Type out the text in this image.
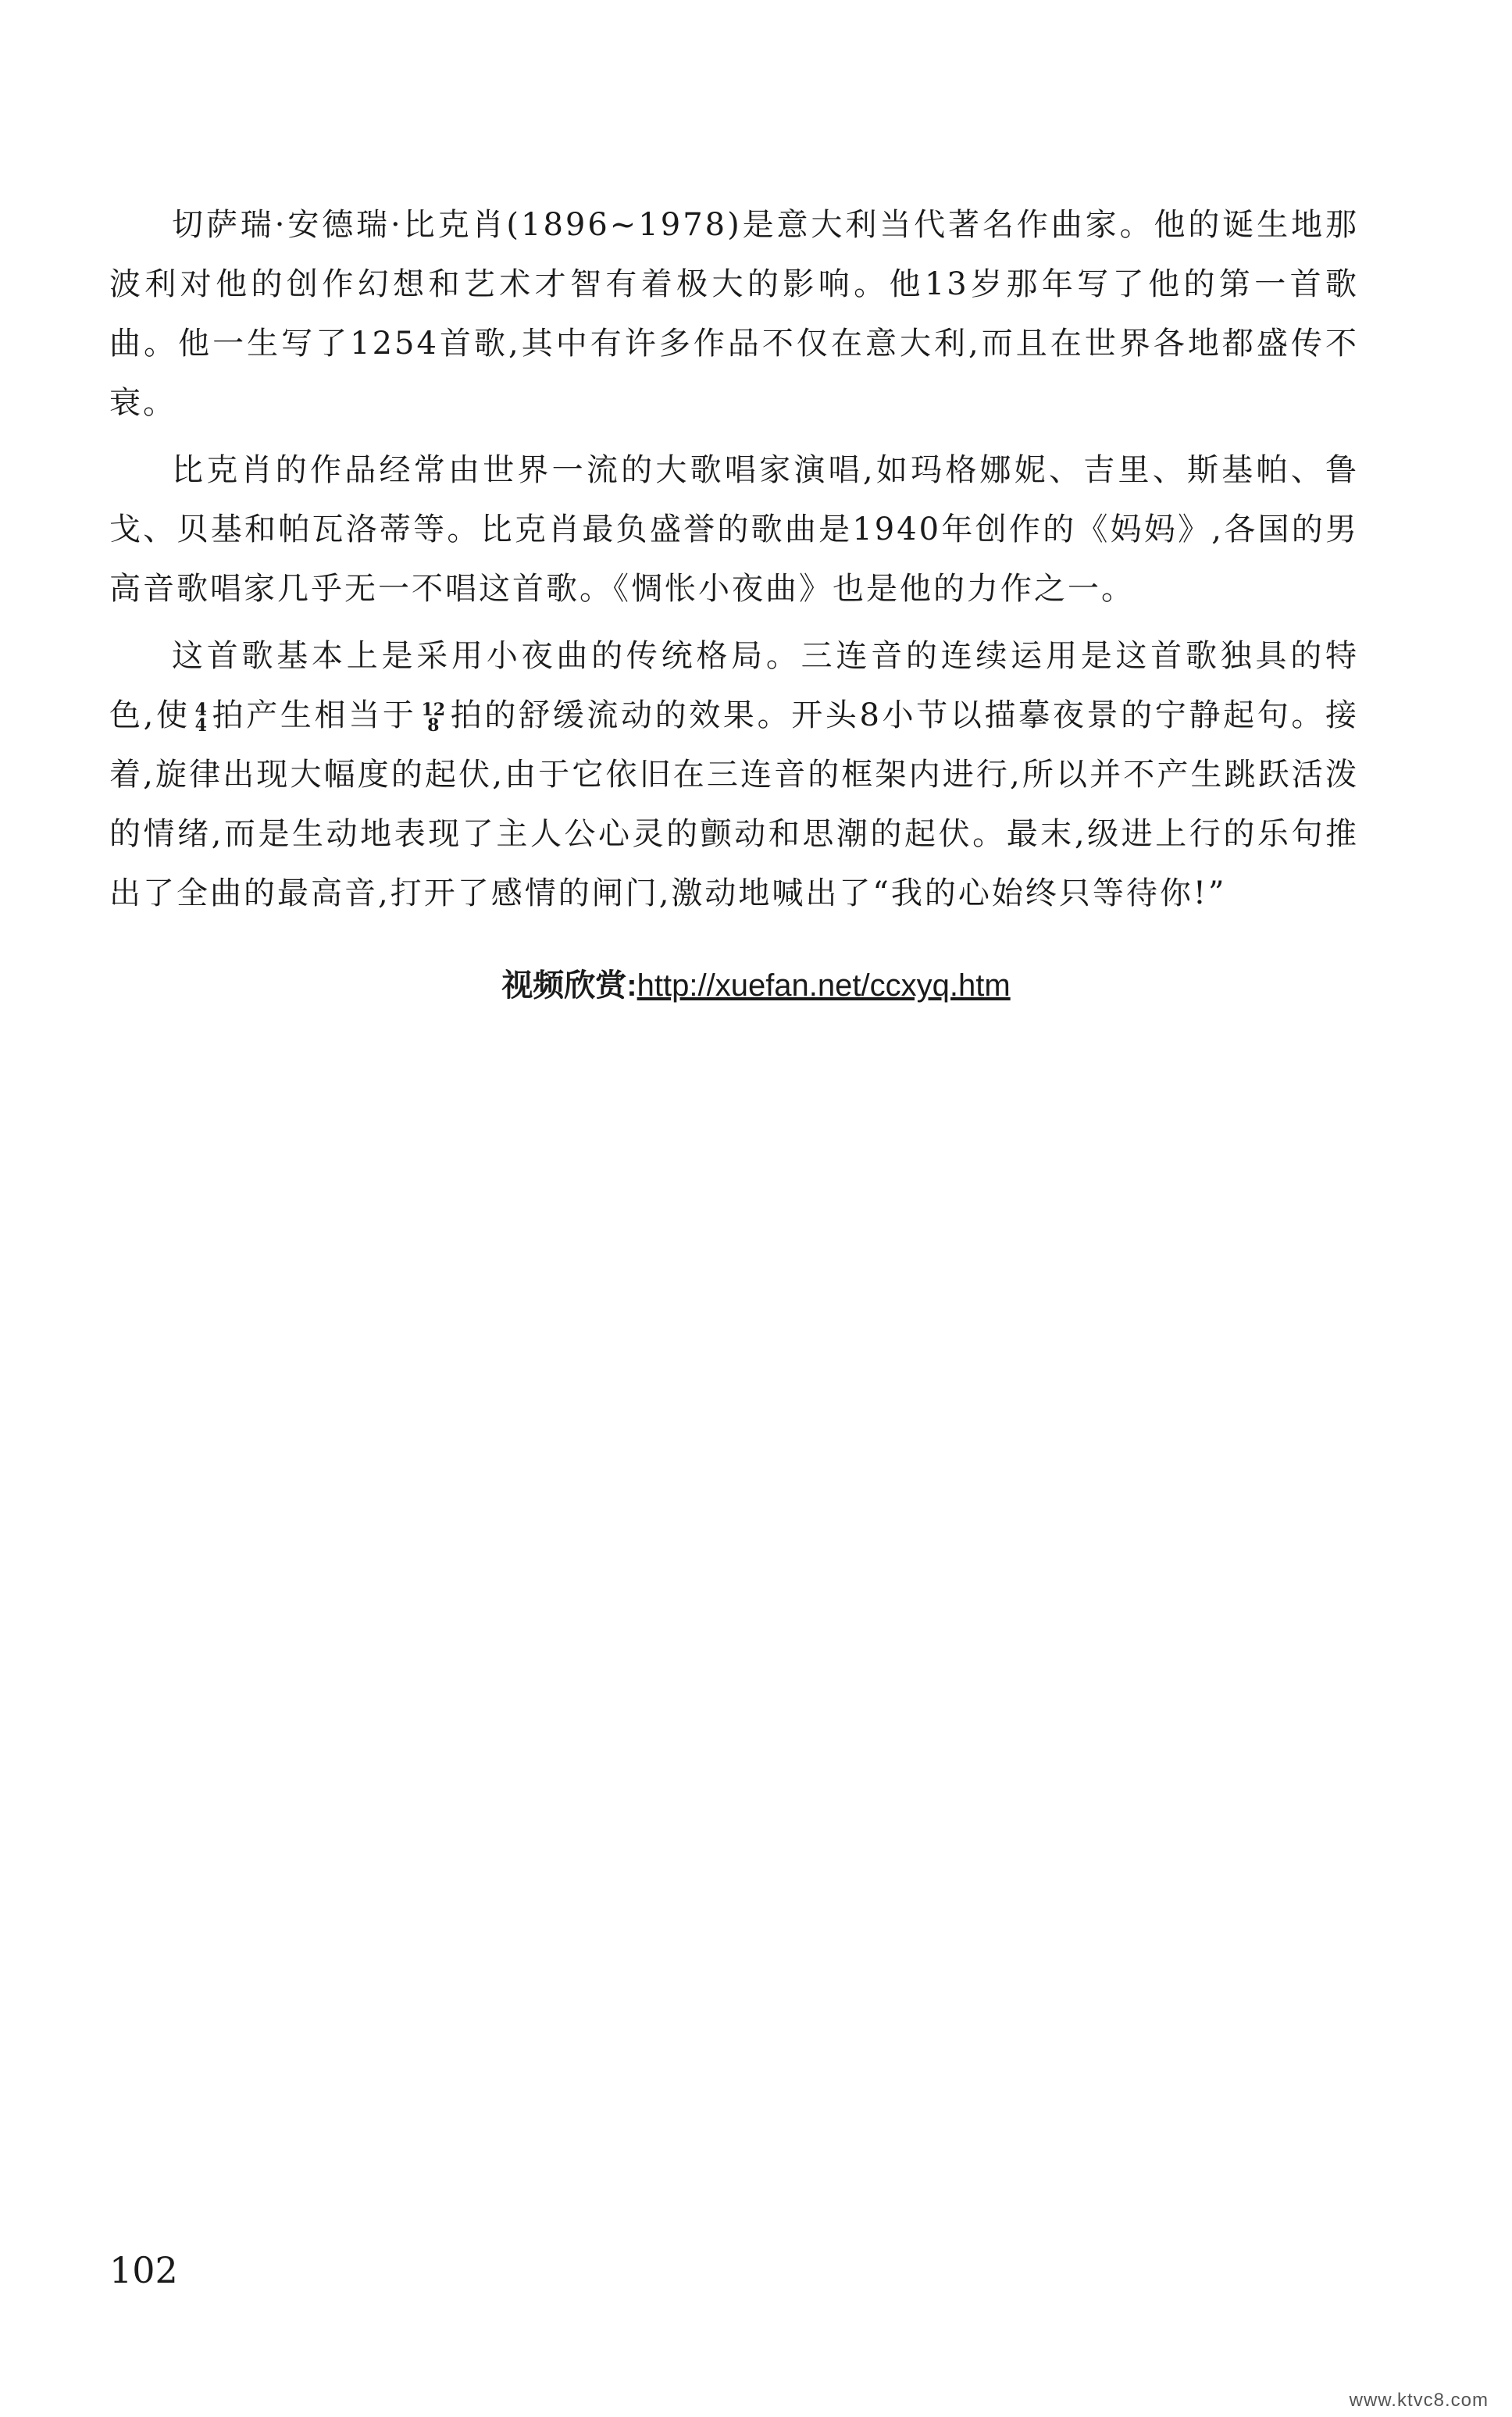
切萨瑞·安德瑞·比克肖(1896~1978)是意大利当代著名作曲家。他的诞生地那波利对他的创作幻想和艺术才智有着极大的影响。他13岁那年写了他的第一首歌曲。他一生写了1254首歌,其中有许多作品不仅在意大利,而且在世界各地都盛传不衰。

比克肖的作品经常由世界一流的大歌唱家演唱,如玛格娜妮、吉里、斯基帕、鲁戈、贝基和帕瓦洛蒂等。比克肖最负盛誉的歌曲是1940年创作的《妈妈》,各国的男高音歌唱家几乎无一不唱这首歌。《惆怅小夜曲》也是他的力作之一。

这首歌基本上是采用小夜曲的传统格局。三连音的连续运用是这首歌独具的特色,使 4
4 拍产生相当于 12
8 拍的舒缓流动的效果。开头8小节以描摹夜景的宁静起句。接着,旋律出现大幅度的起伏,由于它依旧在三连音的框架内进行,所以并不产生跳跃活泼的情绪,而是生动地表现了主人公心灵的颤动和思潮的起伏。最末,级进上行的乐句推出了全曲的最高音,打开了感情的闸门,激动地喊出了“我的心始终只等待你!”

视频欣赏:http://xuefan.net/ccxyq.htm
102
www.ktvc8.com
